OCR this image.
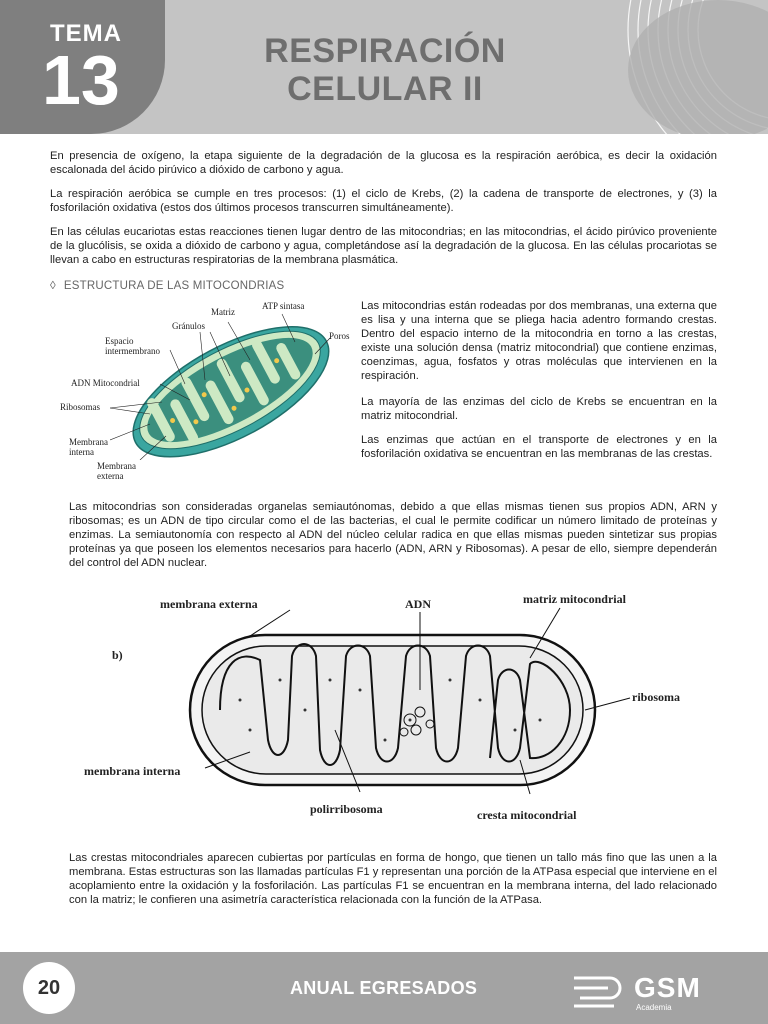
TEMA
13	RESPIRACIÓN
CELULAR II
En presencia de oxígeno, la etapa siguiente de la degradación de la glucosa es la respiración aeróbica, es decir la oxidación escalonada del ácido pirúvico a dióxido de carbono y agua.
La respiración aeróbica se cumple en tres procesos: (1) el ciclo de Krebs, (2) la cadena de transporte de electrones, y (3) la fosforilación oxidativa (estos dos últimos procesos transcurren simultáneamente).
En las células eucariotas estas reacciones tienen lugar dentro de las mitocondrias; en las mitocondrias, el ácido pirúvico proveniente de la glucólisis, se oxida a dióxido de carbono y agua, completándose así la degradación de la glucosa. En las células procariotas se llevan a cabo en estructuras respiratorias de la membrana plasmática.
◊ ESTRUCTURA DE LAS MITOCONDRIAS
Matriz
ATP sintasa
Gránulos
Espacio
intermembrano
Poros
ADN Mitocondrial
Ribosomas
Membrana
interna
Membrana
externa
Las mitocondrias están rodeadas por dos membranas, una externa que es lisa y una interna que se pliega hacia adentro formando crestas. Dentro del espacio interno de la mitocondria en torno a las crestas, existe una solución densa (matriz mitocondrial) que contiene enzimas, coenzimas, agua, fosfatos y otras moléculas que intervienen en la respiración.
La mayoría de las enzimas del ciclo de Krebs se encuentran en la matriz mitocondrial.
Las enzimas que actúan en el transporte de electrones y en la fosforilación oxidativa se encuentran en las membranas de las crestas.
Las mitocondrias son consideradas organelas semiautónomas, debido a que ellas mismas tienen sus propios ADN, ARN y ribosomas; es un ADN de tipo circular como el de las bacterias, el cual le permite codificar un número limitado de proteínas y enzimas. La semiautonomía con respecto al ADN del núcleo celular radica en que ellas mismas pueden sintetizar sus propias proteínas ya que poseen los elementos necesarios para hacerlo (ADN, ARN y Ribosomas). A pesar de ello, siempre dependerán del control del ADN nuclear.
membrana externa	ADN	matriz mitocondrial
b)
ribosoma
membrana interna
polirribosoma	cresta mitocondrial
Las crestas mitocondriales aparecen cubiertas por partículas en forma de hongo, que tienen un tallo más fino que las unen a la membrana. Estas estructuras son las llamadas partículas F1 y representan una porción de la ATPasa especial que interviene en el acoplamiento entre la oxidación y la fosforilación. Las partículas F1 se encuentran en la membrana interna, del lado relacionado con la matriz; le confieren una asimetría característica relacionada con la función de la ATPasa.
20	ANUAL EGRESADOS	GSM
Academia
